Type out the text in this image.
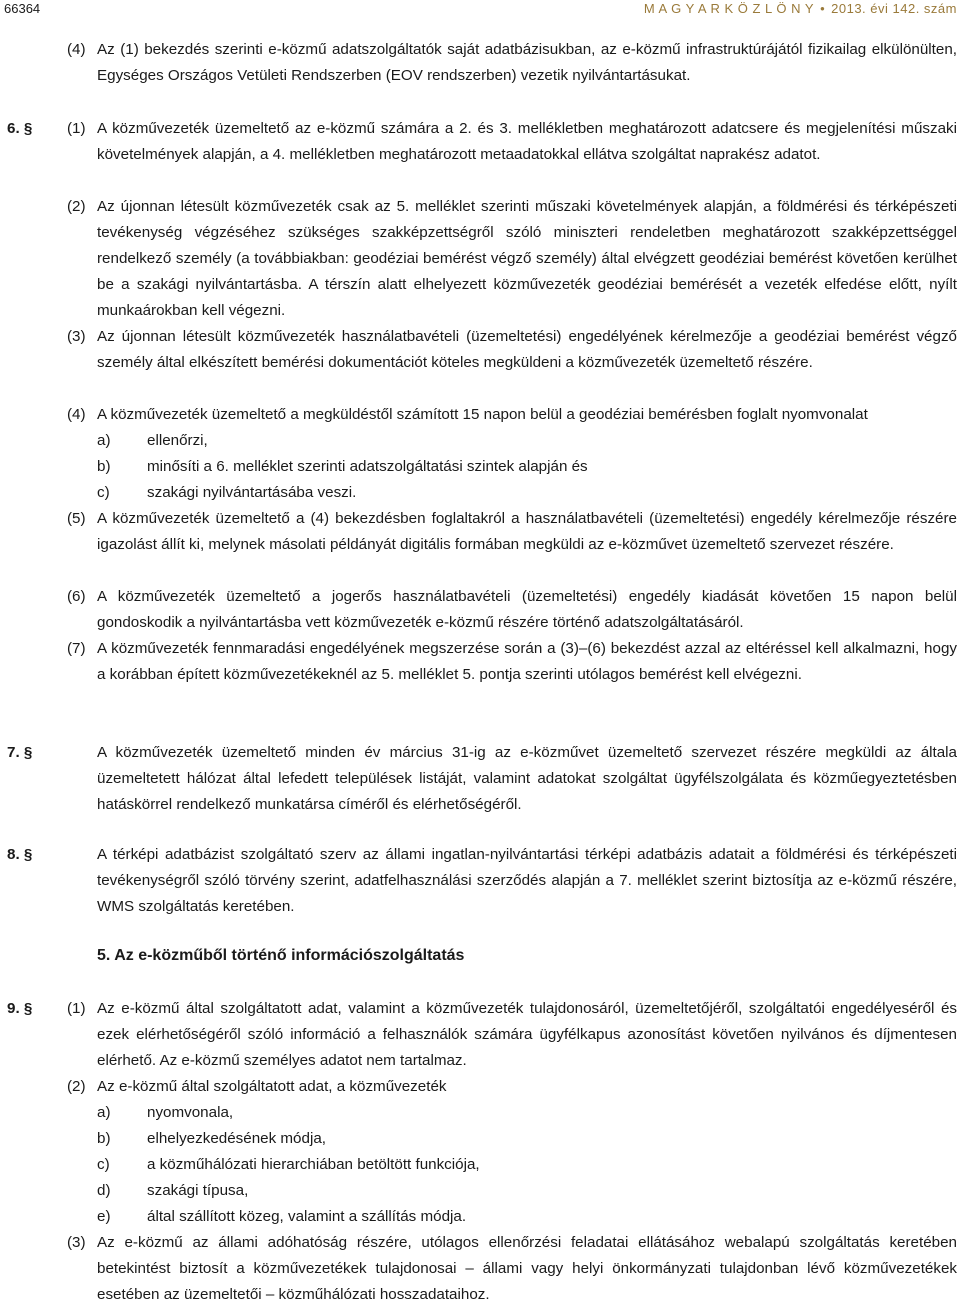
66364	M A G Y A R K Ö Z L Ö N Y • 2013. évi 142. szám
(4) Az (1) bekezdés szerinti e-közmű adatszolgáltatók saját adatbázisukban, az e-közmű infrastruktúrájától fizikailag elkülönülten, Egységes Országos Vetületi Rendszerben (EOV rendszerben) vezetik nyilvántartásukat.
6. § (1) A közművezeték üzemeltető az e-közmű számára a 2. és 3. mellékletben meghatározott adatcsere és megjelenítési műszaki követelmények alapján, a 4. mellékletben meghatározott metaadatokkal ellátva szolgáltat naprakész adatot.
(2) Az újonnan létesült közművezeték csak az 5. melléklet szerinti műszaki követelmények alapján, a földmérési és térképészeti tevékenység végzéséhez szükséges szakképzettségről szóló miniszteri rendeletben meghatározott szakképzettséggel rendelkező személy (a továbbiakban: geodéziai bemérést végző személy) által elvégzett geodéziai bemérést követően kerülhet be a szakági nyilvántartásba. A térszín alatt elhelyezett közművezeték geodéziai bemérését a vezeték elfedése előtt, nyílt munkaárokban kell végezni.
(3) Az újonnan létesült közművezeték használatbavételi (üzemeltetési) engedélyének kérelmezője a geodéziai bemérést végző személy által elkészített bemérési dokumentációt köteles megküldeni a közművezeték üzemeltető részére.
(4) A közművezeték üzemeltető a megküldéstől számított 15 napon belül a geodéziai bemérésben foglalt nyomvonalat
a) ellenőrzi,
b) minősíti a 6. melléklet szerinti adatszolgáltatási szintek alapján és
c) szakági nyilvántartásába veszi.
(5) A közművezeték üzemeltető a (4) bekezdésben foglaltakról a használatbavételi (üzemeltetési) engedély kérelmezője részére igazolást állít ki, melynek másolati példányát digitális formában megküldi az e-közművet üzemeltető szervezet részére.
(6) A közművezeték üzemeltető a jogerős használatbavételi (üzemeltetési) engedély kiadását követően 15 napon belül gondoskodik a nyilvántartásba vett közművezeték e-közmű részére történő adatszolgáltatásáról.
(7) A közművezeték fennmaradási engedélyének megszerzése során a (3)–(6) bekezdést azzal az eltéréssel kell alkalmazni, hogy a korábban épített közművezetékeknél az 5. melléklet 5. pontja szerinti utólagos bemérést kell elvégezni.
7. §	A közművezeték üzemeltető minden év március 31-ig az e-közművet üzemeltető szervezet részére megküldi az általa üzemeltetett hálózat által lefedett települések listáját, valamint adatokat szolgáltat ügyfélszolgálata és közműegyeztetésben hatáskörrel rendelkező munkatársa címéről és elérhetőségéről.
8. §	A térképi adatbázist szolgáltató szerv az állami ingatlan-nyilvántartási térképi adatbázis adatait a földmérési és térképészeti tevékenységről szóló törvény szerint, adatfelhasználási szerződés alapján a 7. melléklet szerint biztosítja az e-közmű részére, WMS szolgáltatás keretében.
5. Az e-közműből történő információszolgáltatás
9. § (1) Az e-közmű által szolgáltatott adat, valamint a közművezeték tulajdonosáról, üzemeltetőjéről, szolgáltatói engedélyeséről és ezek elérhetőségéről szóló információ a felhasználók számára ügyfélkapus azonosítást követően nyilvános és díjmentesen elérhető. Az e-közmű személyes adatot nem tartalmaz.
(2) Az e-közmű által szolgáltatott adat, a közművezeték
a) nyomvonala,
b) elhelyezkedésének módja,
c) a közműhálózati hierarchiában betöltött funkciója,
d) szakági típusa,
e) által szállított közeg, valamint a szállítás módja.
(3) Az e-közmű az állami adóhatóság részére, utólagos ellenőrzési feladatai ellátásához webalapú szolgáltatás keretében betekintést biztosít a közművezetékek tulajdonosai – állami vagy helyi önkormányzati tulajdonban lévő közművezetékek esetében az üzemeltetői – közműhálózati hosszadataihoz.
